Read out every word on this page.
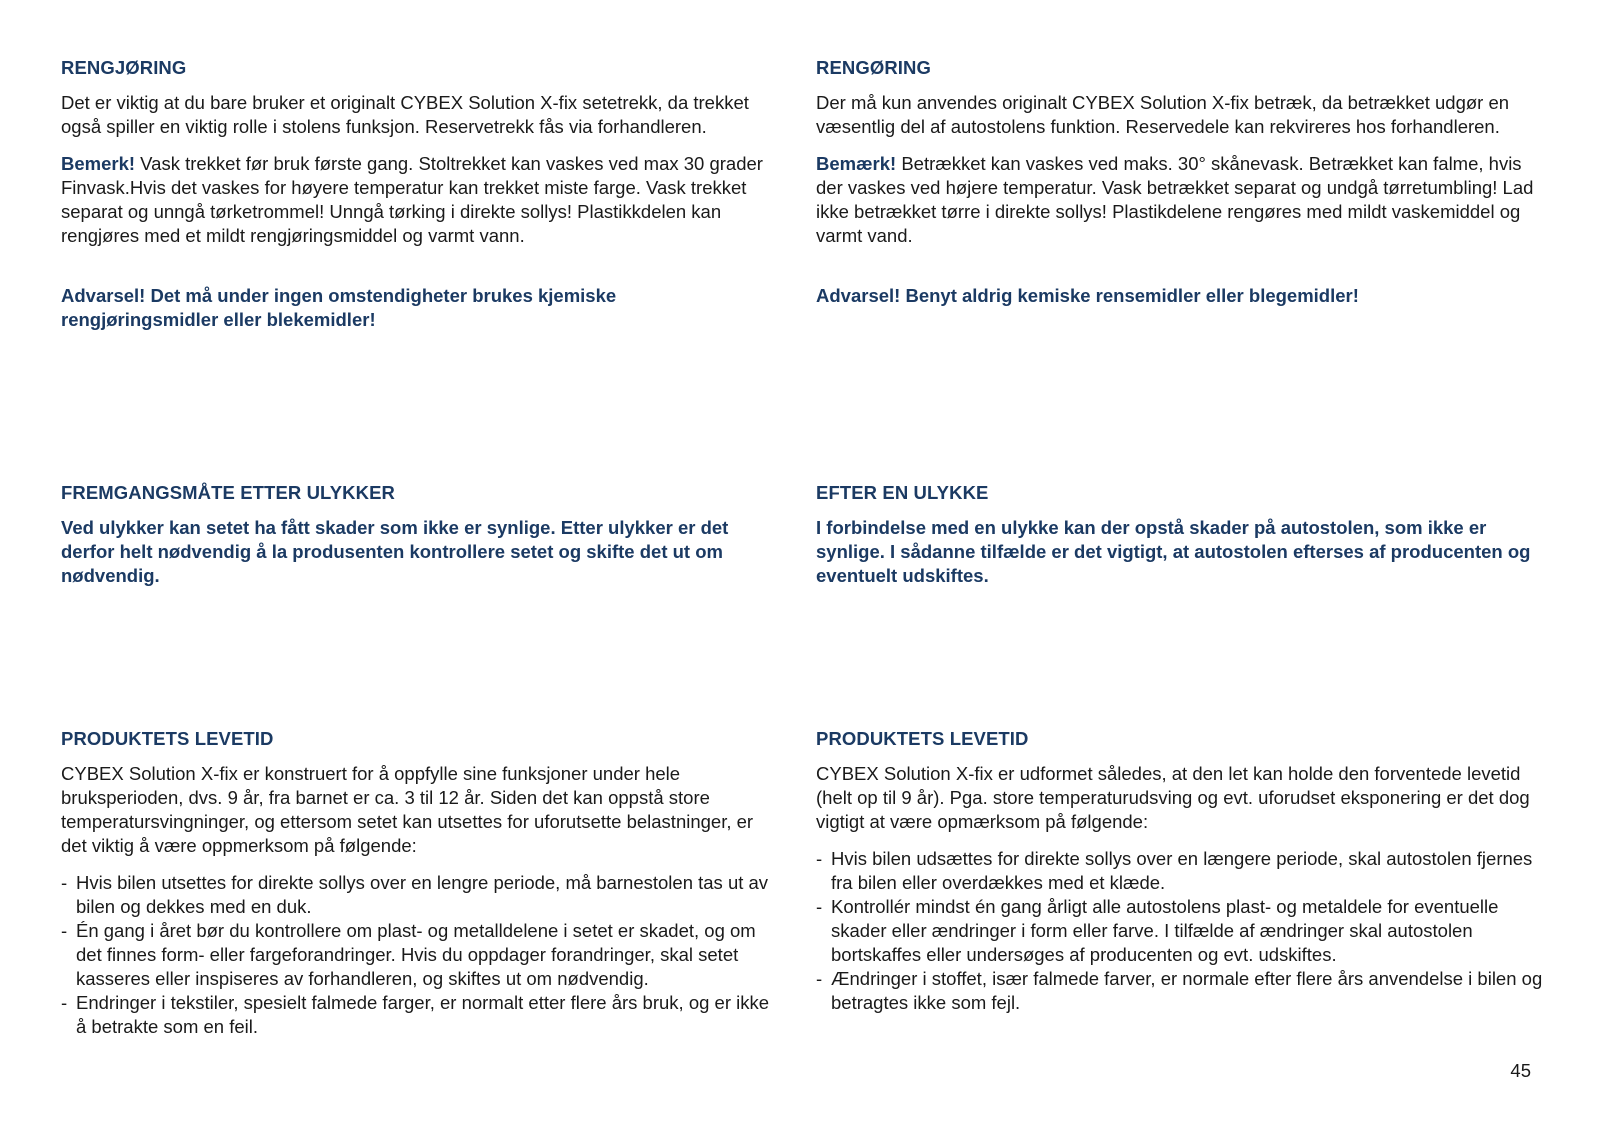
RENGJØRING

Det er viktig at du bare bruker et originalt CYBEX Solution X-fix setetrekk, da trekket også spiller en viktig rolle i stolens funksjon. Reservetrekk fås via forhandleren.

Bemerk! Vask trekket før bruk første gang. Stoltrekket kan vaskes ved max 30 grader Finvask.Hvis det vaskes for høyere temperatur kan trekket miste farge. Vask trekket separat og unngå tørketrommel! Unngå tørking i direkte sollys! Plastikkdelen kan rengjøres med et mildt rengjøringsmiddel og varmt vann.

Advarsel! Det må under ingen omstendigheter brukes kjemiske rengjøringsmidler eller blekemidler!

FREMGANGSMÅTE ETTER ULYKKER

Ved ulykker kan setet ha fått skader som ikke er synlige. Etter ulykker er det derfor helt nødvendig å la produsenten kontrollere setet og skifte det ut om nødvendig.

PRODUKTETS LEVETID

CYBEX Solution X-fix er konstruert for å oppfylle sine funksjoner under hele bruksperioden, dvs. 9 år, fra barnet er ca. 3 til 12 år. Siden det kan oppstå store temperatursvingninger, og ettersom setet kan utsettes for uforutsette belastninger, er det viktig å være oppmerksom på følgende:

- Hvis bilen utsettes for direkte sollys over en lengre periode, må barnestolen tas ut av bilen og dekkes med en duk.
- Én gang i året bør du kontrollere om plast- og metalldelene i setet er skadet, og om det finnes form- eller fargeforandringer. Hvis du oppdager forandringer, skal setet kasseres eller inspiseres av forhandleren, og skiftes ut om nødvendig.
- Endringer i tekstiler, spesielt falmede farger, er normalt etter flere års bruk, og er ikke å betrakte som en feil.
RENGØRING

Der må kun anvendes originalt CYBEX Solution X-fix betræk, da betrækket udgør en væsentlig del af autostolens funktion. Reservedele kan rekvireres hos forhandleren.

Bemærk! Betrækket kan vaskes ved maks. 30° skånevask. Betrækket kan falme, hvis der vaskes ved højere temperatur. Vask betrækket separat og undgå tørretumbling! Lad ikke betrækket tørre i direkte sollys! Plastikdelene rengøres med mildt vaskemiddel og varmt vand.

Advarsel! Benyt aldrig kemiske rensemidler eller blegemidler!

EFTER EN ULYKKE

I forbindelse med en ulykke kan der opstå skader på autostolen, som ikke er synlige. I sådanne tilfælde er det vigtigt, at autostolen efterses af producenten og eventuelt udskiftes.

PRODUKTETS LEVETID

CYBEX Solution X-fix er udformet således, at den let kan holde den forventede levetid (helt op til 9 år). Pga. store temperaturudsving og evt. uforudset eksponering er det dog vigtigt at være opmærksom på følgende:

- Hvis bilen udsættes for direkte sollys over en længere periode, skal autostolen fjernes fra bilen eller overdækkes med et klæde.
- Kontrollér mindst én gang årligt alle autostolens plast- og metaldele for eventuelle skader eller ændringer i form eller farve. I tilfælde af ændringer skal autostolen bortskaffes eller undersøges af producenten og evt. udskiftes.
- Ændringer i stoffet, især falmede farver, er normale efter flere års anvendelse i bilen og betragtes ikke som fejl.
45
